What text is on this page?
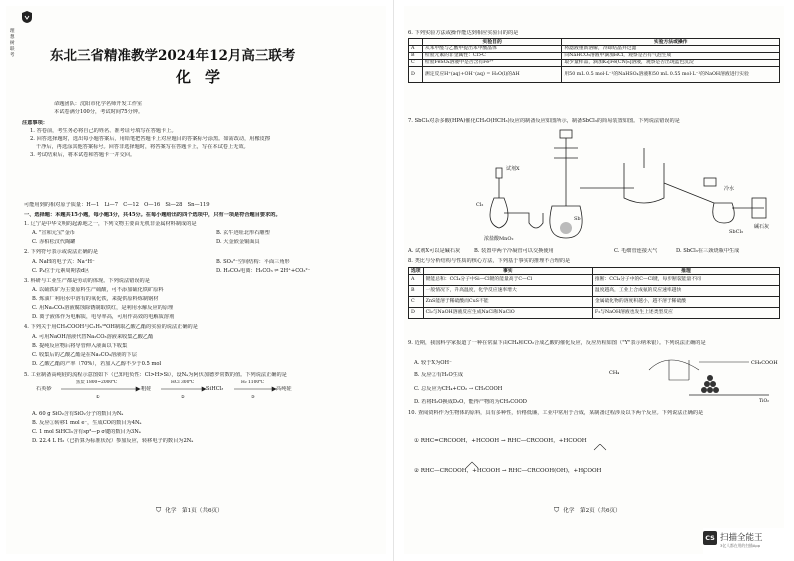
理想树联考	东北三省精准教学2024年12月高三联考
化学
命题团队：沈阳市化学名师开发工作室
本试卷满分100分，考试时间75分钟。
注意事项：
1. 答卷前，考生务必将自己的姓名、准考证号填写在答题卡上。
2. 回答选择题时，选出每小题答案后，用铅笔把答题卡上对应题目的答案标号涂黑。如需改动，用橡皮擦
干净后，再选涂其他答案标号。回答非选择题时，将答案写在答题卡上，写在本试卷上无效。
3. 考试结束后，将本试卷和答题卡一并交回。
可能用到的相对原子质量：H—1　Li—7　C—12　O—16　Si—28　Sn—119
一、选择题：本题共15小题，每小题3分，共45分。在每小题给出的四个选项中，只有一项是符合题目要求的。
1. 辽宁是中华文明的起源地之一，下列文物主要由无机非金属材料制成的是
A. "宣和元宝"金币	B. 玄牛迹址北形石雕塑
C. 赤柏松汉代陶罐	D. 大金嵌金铜面具
2. 下列符号表示或说法正确的是
A. NaH的电子式：Na⁺H⁻	B. SO₃²⁻空间结构：平面三角形
C. P₄位于元素周期表d区	D. H₂CO₃电离：H₂CO₃ ⇌ 2H⁺+CO₃²⁻
3. 科研与工业生产都是劳动的体现。下列说法错误的是
A. 以硫铁矿为主要原料生产硫酸，可不添加硫化铁矿原料
B. 炼油厂利用水中溶有的氧化铁，来提供原料炼制钢材
C. 用Na₂CO₃溶液腐蚀除锈制取铁红，是利用水解反应的原理
D. 离子液体作为电解质，电导率高，可用作高效的电解质溶剂
4. 下列关于用CH₃COOH与C₂H₅¹⁸OH制取乙酸乙酯的实验的说法正确的是
A. 可用NaOH溶液代替Na₂CO₃溶液来收集乙酸乙酯
B. 提纯反应物后将导管伸入液面以下收集
C. 收集后的乙酸乙酯是在Na₂CO₃溶液的下层
D. 乙酸乙酯的产率（70%），若加入乙醇不少于0.5 mol
5. 工业制备高纯硅的流程示意图如下（已知电负性：Cl>H>Si），设Nₐ为阿伏加德罗常数的值。下列说法正确的是
石英砂
焦炭 1800~2000℃
粗硅
HCl 300℃
SiHCl₃
H₂ 1100℃
高纯硅
①	②	③
A. 60 g SiO₂含有SiO₂分子的数目为Nₐ
B. 反应①转移1 mol e⁻，生成CO的数目为4Nₐ
C. 1 mol SiHCl₃含有sp³—p σ键的数目为3Nₐ
D. 22.4 L H₂（已折算为标准状况）参加反应，转移电子的数目为2Nₐ
⛉ 化学　第1页（共6页）
6. 下列实验方法或操作能达到相应实验目的的是
	实验目的	实验方法或操作
A	从苯甲醛与乙酸中提出苯甲酸晶体	将滤液重新溶解，冷却结晶并过滤
B	检验元素的非金属性：Cl>C	向NaHCO₃溶液中滴加HCl，观察是否有气泡生成
C	检验FeSO₄溶液中是否含有Fe³⁺	取少量样品，滴加K₃[Fe(CN)₆]溶液，观察是否出现蓝色沉淀
D	测定反应H⁺(aq)+OH⁻(aq) = H₂O(l)的ΔH	用50 mL 0.5 mol·L⁻¹的NaHSO₄溶液和50 mL 0.55 mol·L⁻¹的NaOH溶液进行实验
7. SbCl₃对杂多酸(HPA)催化CH₃O(HCH₃)反应的制备反应如图所示，制备SbCl₃的简易装置如图。下列说法错误的是
试剂X
Sb
Cl₂
冷水
SbCl₃
碱石灰
浓盐酸MnO₂
A. 试剂X可以是碱石灰	B. 装置中两个冷凝管可以交换使用	C. 毛细管连接大气	D. SbCl₃在三颈烧瓶中生成
8. 类比与分析结构与性质的核心方法，下列基于事实的推理不合理的是
选项	事实	推理
A	键能总和：CCl₄分子中Si—Cl键的能量高于C—Cl	推断：CCl₄分子中的C—Cl键，每步断裂能量不同
B	一般情况下，升高温度，化学反应速率增大	温度越高，工业上合成氨的反应速率越快
C	ZnS能溶于稀硫酸而CuS不能	金属硫化物的溶度积越小，越不溶于稀硫酸
D	Cl₂与NaOH溶液反应生成NaCl和NaClO	F₂与NaOH溶液也发生上述类型反应
9. 近期，我国科学家报道了一种在常温下由CH₄和CO₂合成乙酸的催化反应，反应历程如图（"Y"表示纳米银）。下列说法正确的是
CH₃COOH
CH₄
TiO₂
A. 较于X为OH⁻
B. 反应②有H₂O生成
C. 总反应为CH₄+CO₂ → CH₃COOH
D. 若将H₂O换成D₂O，能得产物的为CH₃COOD
10. 查阅资料作为生物体的原料，具有多种性，价格低廉，工业中常用于合成，某制备过程涉及以下两个反应。下列说法正确的是
① RHC=CRCOOH，+HCOOH → RHC—CRCOOH，+HCOOH
② RHC—CRCOOH，+HCOOH → RHC—CRCOOH(OH)，+HCOOH
⛉ 化学　第2页（共6页）
CS 扫描全能王
3亿人都在用的扫描App
